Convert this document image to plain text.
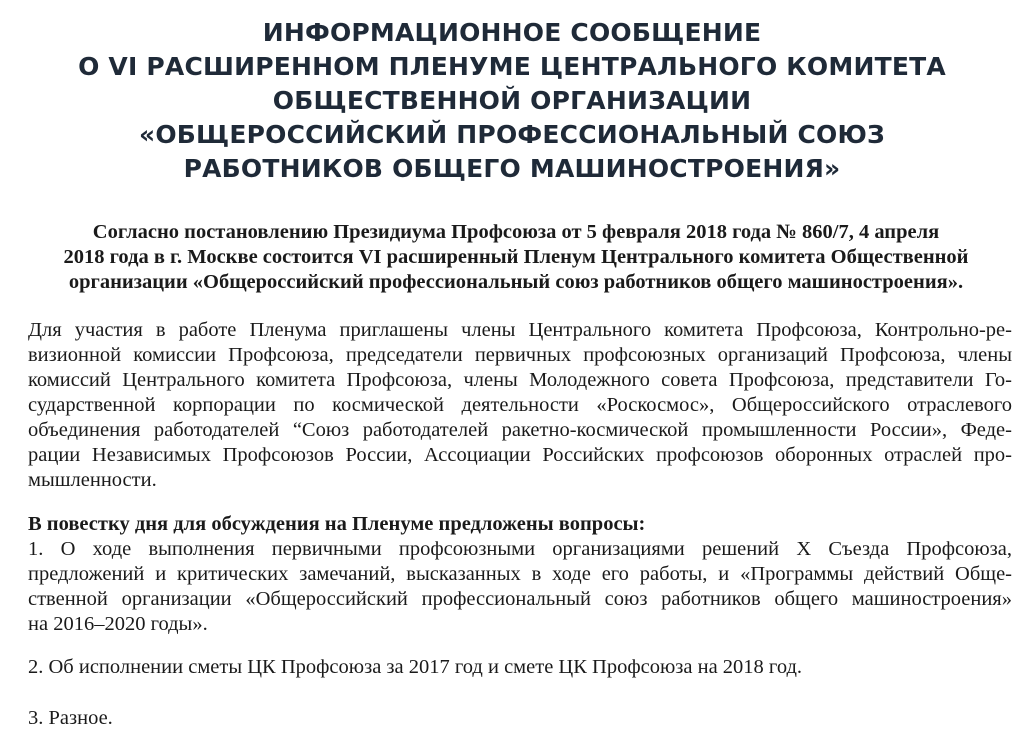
ИНФОРМАЦИОННОЕ СООБЩЕНИЕ
О VI РАСШИРЕННОМ ПЛЕНУМЕ ЦЕНТРАЛЬНОГО КОМИТЕТА
ОБЩЕСТВЕННОЙ ОРГАНИЗАЦИИ
«ОБЩЕРОССИЙСКИЙ ПРОФЕССИОНАЛЬНЫЙ СОЮЗ
РАБОТНИКОВ ОБЩЕГО МАШИНОСТРОЕНИЯ»
Согласно постановлению Президиума Профсоюза от 5 февраля 2018 года № 860/7, 4 апреля
2018 года в г. Москве состоится VI расширенный Пленум Центрального комитета Общественной
организации «Общероссийский профессиональный союз работников общего машиностроения».
Для участия в работе Пленума приглашены члены Центрального комитета Профсоюза, Контрольно-ре-
визионной комиссии Профсоюза, председатели первичных профсоюзных организаций Профсоюза, члены
комиссий Центрального комитета Профсоюза, члены Молодежного совета Профсоюза, представители Го-
сударственной корпорации по космической деятельности «Роскосмос», Общероссийского отраслевого
объединения работодателей “Союз работодателей ракетно-космической промышленности России», Феде-
рации Независимых Профсоюзов России, Ассоциации Российских профсоюзов оборонных отраслей про-
мышленности.
В повестку дня для обсуждения на Пленуме предложены вопросы:
1. О ходе выполнения первичными профсоюзными организациями решений X Съезда Профсоюза,
предложений и критических замечаний, высказанных в ходе его работы, и «Программы действий Обще-
ственной организации «Общероссийский профессиональный союз работников общего машиностроения»
на 2016–2020 годы».
2. Об исполнении сметы ЦК Профсоюза за 2017 год и смете ЦК Профсоюза на 2018 год.
3. Разное.
